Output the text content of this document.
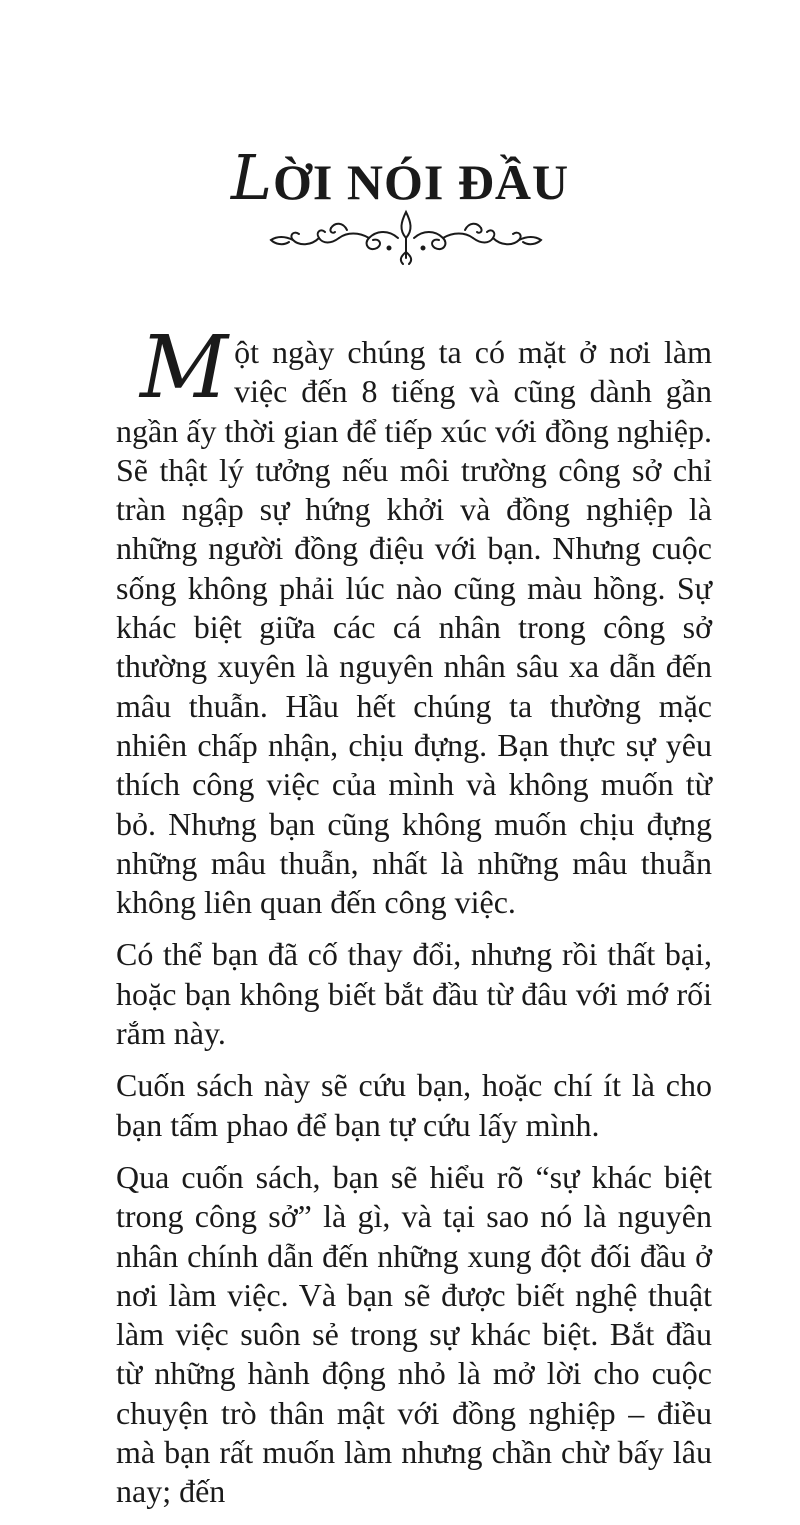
LỜI NÓI ĐẦU

Một ngày chúng ta có mặt ở nơi làm việc đến 8 tiếng và cũng dành gần ngần ấy thời gian để tiếp xúc với đồng nghiệp. Sẽ thật lý tưởng nếu môi trường công sở chỉ tràn ngập sự hứng khởi và đồng nghiệp là những người đồng điệu với bạn. Nhưng cuộc sống không phải lúc nào cũng màu hồng. Sự khác biệt giữa các cá nhân trong công sở thường xuyên là nguyên nhân sâu xa dẫn đến mâu thuẫn. Hầu hết chúng ta thường mặc nhiên chấp nhận, chịu đựng. Bạn thực sự yêu thích công việc của mình và không muốn từ bỏ. Nhưng bạn cũng không muốn chịu đựng những mâu thuẫn, nhất là những mâu thuẫn không liên quan đến công việc.

Có thể bạn đã cố thay đổi, nhưng rồi thất bại, hoặc bạn không biết bắt đầu từ đâu với mớ rối rắm này.

Cuốn sách này sẽ cứu bạn, hoặc chí ít là cho bạn tấm phao để bạn tự cứu lấy mình.

Qua cuốn sách, bạn sẽ hiểu rõ “sự khác biệt trong công sở” là gì, và tại sao nó là nguyên nhân chính dẫn đến những xung đột đối đầu ở nơi làm việc. Và bạn sẽ được biết nghệ thuật làm việc suôn sẻ trong sự khác biệt. Bắt đầu từ những hành động nhỏ là mở lời cho cuộc chuyện trò thân mật với đồng nghiệp – điều mà bạn rất muốn làm nhưng chần chừ bấy lâu nay; đến
